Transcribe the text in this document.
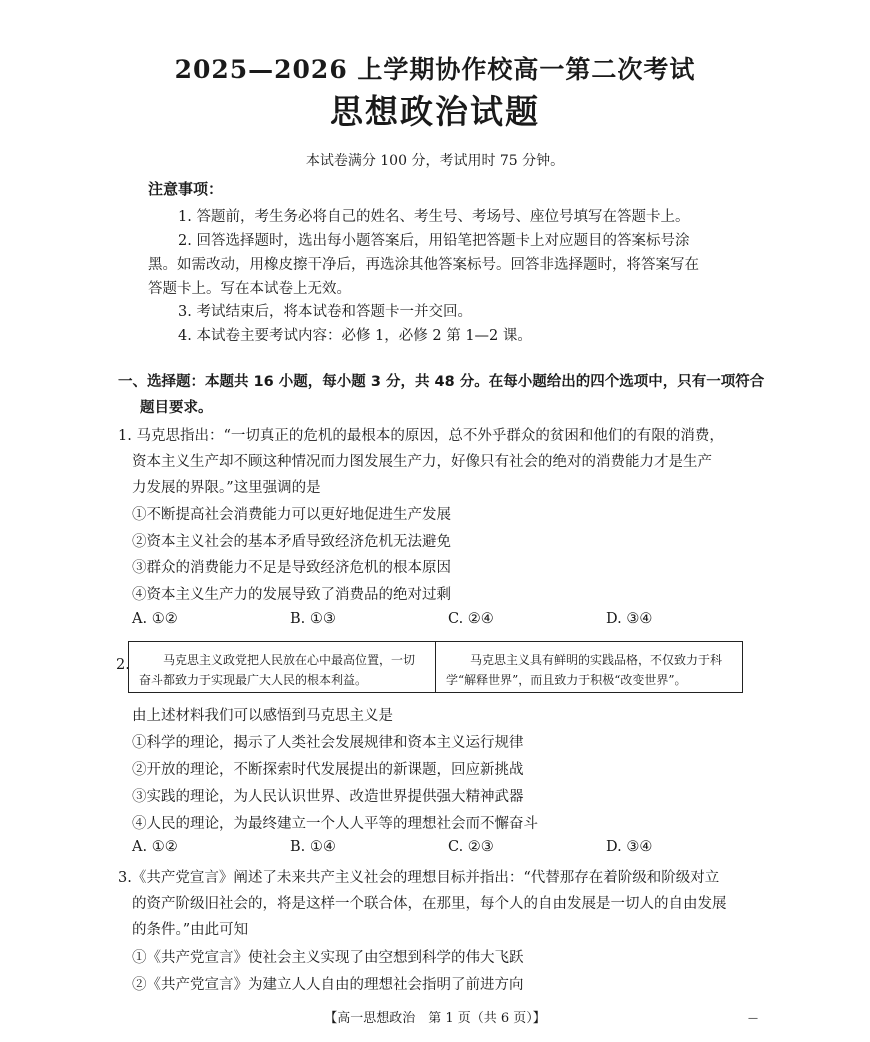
2025—2026 上学期协作校高一第二次考试
思想政治试题
本试卷满分 100 分，考试用时 75 分钟。
注意事项：
1. 答题前，考生务必将自己的姓名、考生号、考场号、座位号填写在答题卡上。
2. 回答选择题时，选出每小题答案后，用铅笔把答题卡上对应题目的答案标号涂
黑。如需改动，用橡皮擦干净后，再选涂其他答案标号。回答非选择题时，将答案写在
答题卡上。写在本试卷上无效。
3. 考试结束后，将本试卷和答题卡一并交回。
4. 本试卷主要考试内容：必修 1，必修 2 第 1—2 课。
一、选择题：本题共 16 小题，每小题 3 分，共 48 分。在每小题给出的四个选项中，只有一项符合
题目要求。
1. 马克思指出：“一切真正的危机的最根本的原因，总不外乎群众的贫困和他们的有限的消费，
资本主义生产却不顾这种情况而力图发展生产力，好像只有社会的绝对的消费能力才是生产
力发展的界限。”这里强调的是
①不断提高社会消费能力可以更好地促进生产发展
②资本主义社会的基本矛盾导致经济危机无法避免
③群众的消费能力不足是导致经济危机的根本原因
④资本主义生产力的发展导致了消费品的绝对过剩
A. ①②	B. ①③	C. ②④	D. ③④
2.	马克思主义政党把人民放在心中最高位置，一切奋斗都致力于实现最广大人民的根本利益。
马克思主义具有鲜明的实践品格，不仅致力于科学“解释世界”，而且致力于积极“改变世界”。
由上述材料我们可以感悟到马克思主义是
①科学的理论，揭示了人类社会发展规律和资本主义运行规律
②开放的理论，不断探索时代发展提出的新课题，回应新挑战
③实践的理论，为人民认识世界、改造世界提供强大精神武器
④人民的理论，为最终建立一个人人平等的理想社会而不懈奋斗
A. ①②	B. ①④	C. ②③	D. ③④
3.《共产党宣言》阐述了未来共产主义社会的理想目标并指出：“代替那存在着阶级和阶级对立
的资产阶级旧社会的，将是这样一个联合体，在那里，每个人的自由发展是一切人的自由发展
的条件。”由此可知
①《共产党宣言》使社会主义实现了由空想到科学的伟大飞跃
②《共产党宣言》为建立人人自由的理想社会指明了前进方向
【高一思想政治　第 1 页（共 6 页）】	—
